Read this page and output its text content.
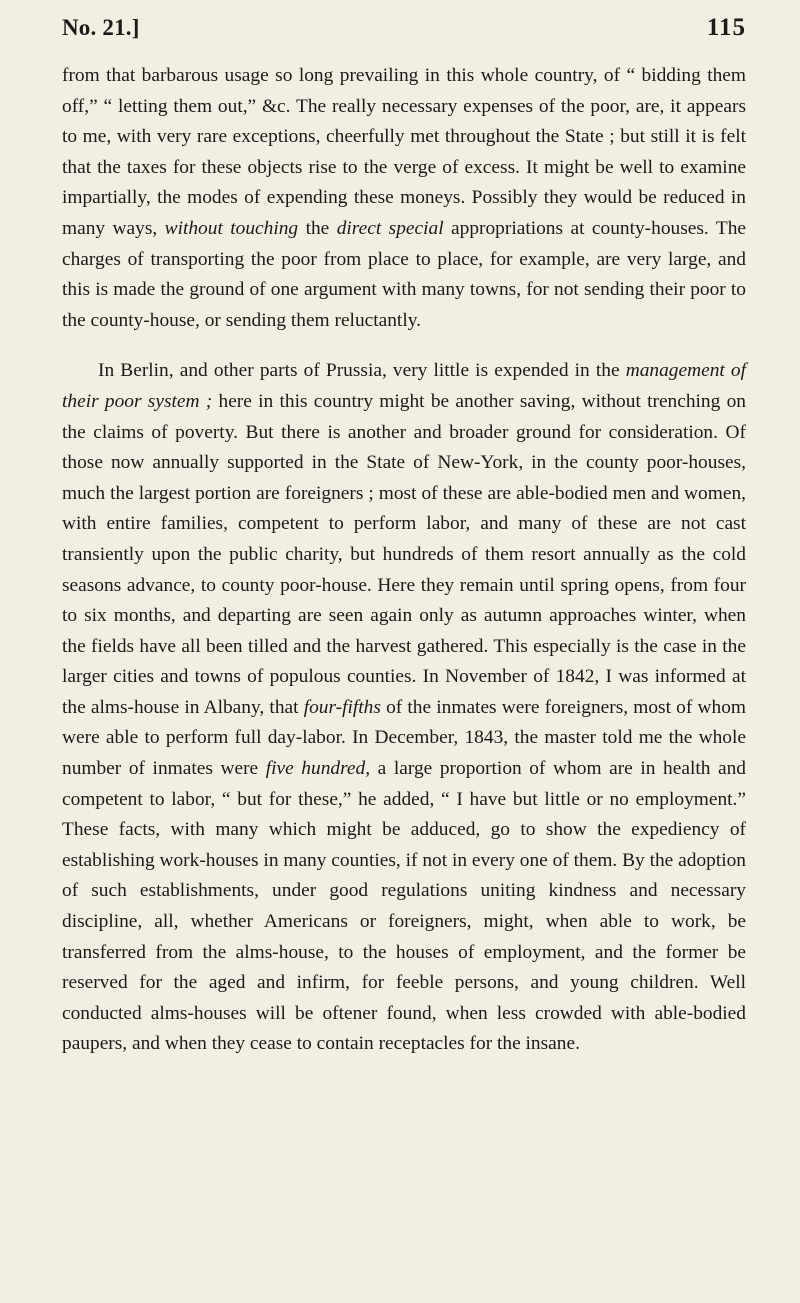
No. 21.]	115

from that barbarous usage so long prevailing in this whole country, of “ bidding them off,” “ letting them out,” &c. The really necessary expenses of the poor, are, it appears to me, with very rare exceptions, cheerfully met throughout the State ; but still it is felt that the taxes for these objects rise to the verge of excess. It might be well to examine impartially, the modes of expending these moneys. Possibly they would be reduced in many ways, without touching the direct special appropriations at county-houses. The charges of transporting the poor from place to place, for example, are very large, and this is made the ground of one argument with many towns, for not sending their poor to the county-house, or sending them reluctantly.

In Berlin, and other parts of Prussia, very little is expended in the management of their poor system ; here in this country might be another saving, without trenching on the claims of poverty. But there is another and broader ground for consideration. Of those now annually supported in the State of New-York, in the county poor-houses, much the largest portion are foreigners ; most of these are able-bodied men and women, with entire families, competent to perform labor, and many of these are not cast transiently upon the public charity, but hundreds of them resort annually as the cold seasons advance, to county poor-house. Here they remain until spring opens, from four to six months, and departing are seen again only as autumn approaches winter, when the fields have all been tilled and the harvest gathered. This especially is the case in the larger cities and towns of populous counties. In November of 1842, I was informed at the alms-house in Albany, that four-fifths of the inmates were foreigners, most of whom were able to perform full day-labor. In December, 1843, the master told me the whole number of inmates were five hundred, a large proportion of whom are in health and competent to labor, “ but for these,” he added, “ I have but little or no employment.” These facts, with many which might be adduced, go to show the expediency of establishing work-houses in many counties, if not in every one of them. By the adoption of such establishments, under good regulations uniting kindness and necessary discipline, all, whether Americans or foreigners, might, when able to work, be transferred from the alms-house, to the houses of employment, and the former be reserved for the aged and infirm, for feeble persons, and young children. Well conducted alms-houses will be oftener found, when less crowded with able-bodied paupers, and when they cease to contain receptacles for the insane.
